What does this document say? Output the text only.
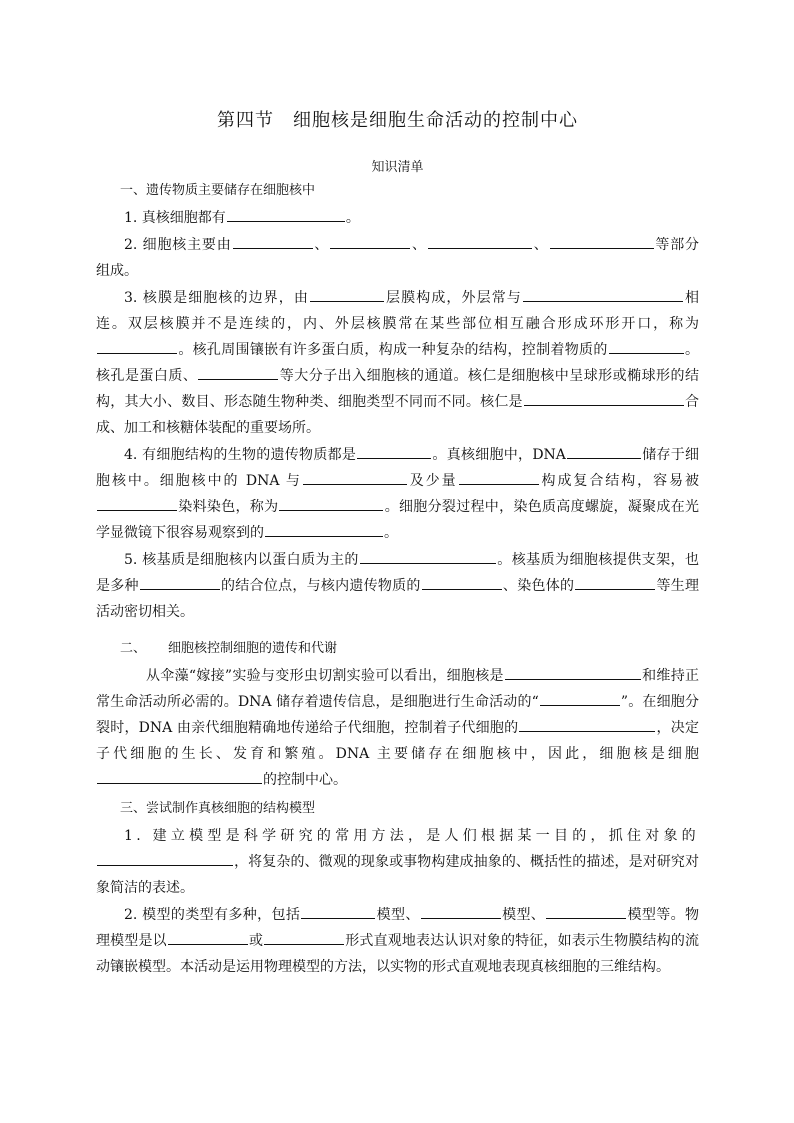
第四节　细胞核是细胞生命活动的控制中心
知识清单
一、遗传物质主要储存在细胞核中

1. 真核细胞都有	。

2. 细胞核主要由	、	、	、	等部分组成。

3. 核膜是细胞核的边界，由	层膜构成，外层常与	相连。双层核膜并不是连续的，内、外层核膜常在某些部位相互融合形成环形开口，称为。核孔周围镶嵌有许多蛋白质，构成一种复杂的结构，控制着物质的	。核孔是蛋白质、	等大分子出入细胞核的通道。核仁是细胞核中呈球形或椭球形的结构，其大小、数目、形态随生物种类、细胞类型不同而不同。核仁是	合成、加工和核糖体装配的重要场所。

4. 有细胞结构的生物的遗传物质都是	。真核细胞中，DNA	储存于细胞核中。细胞核中的 DNA 与	及少量	构成复合结构，容易被染料染色，称为	。细胞分裂过程中，染色质高度螺旋，凝聚成在光学显微镜下很容易观察到的	。

5. 核基质是细胞核内以蛋白质为主的	。核基质为细胞核提供支架，也是多种	的结合位点，与核内遗传物质的	、染色体的	等生理活动密切相关。

二、 细胞核控制细胞的遗传和代谢

从伞藻“嫁接”实验与变形虫切割实验可以看出，细胞核是	和维持正常生命活动所必需的。DNA 储存着遗传信息，是细胞进行生命活动的“	”。在细胞分裂时，DNA 由亲代细胞精确地传递给子代细胞，控制着子代细胞的	，决定子代细胞的生长、发育和繁殖。DNA 主要储存在细胞核中，因此，细胞核是细胞的控制中心。

三、尝试制作真核细胞的结构模型

1. 建立模型是科学研究的常用方法，是人们根据某一目的，抓住对象的，将复杂的、微观的现象或事物构建成抽象的、概括性的描述，是对研究对象简洁的表述。

2. 模型的类型有多种，包括	模型、	模型、	模型等。物理模型是以	或	形式直观地表达认识对象的特征，如表示生物膜结构的流动镶嵌模型。本活动是运用物理模型的方法，以实物的形式直观地表现真核细胞的三维结构。
